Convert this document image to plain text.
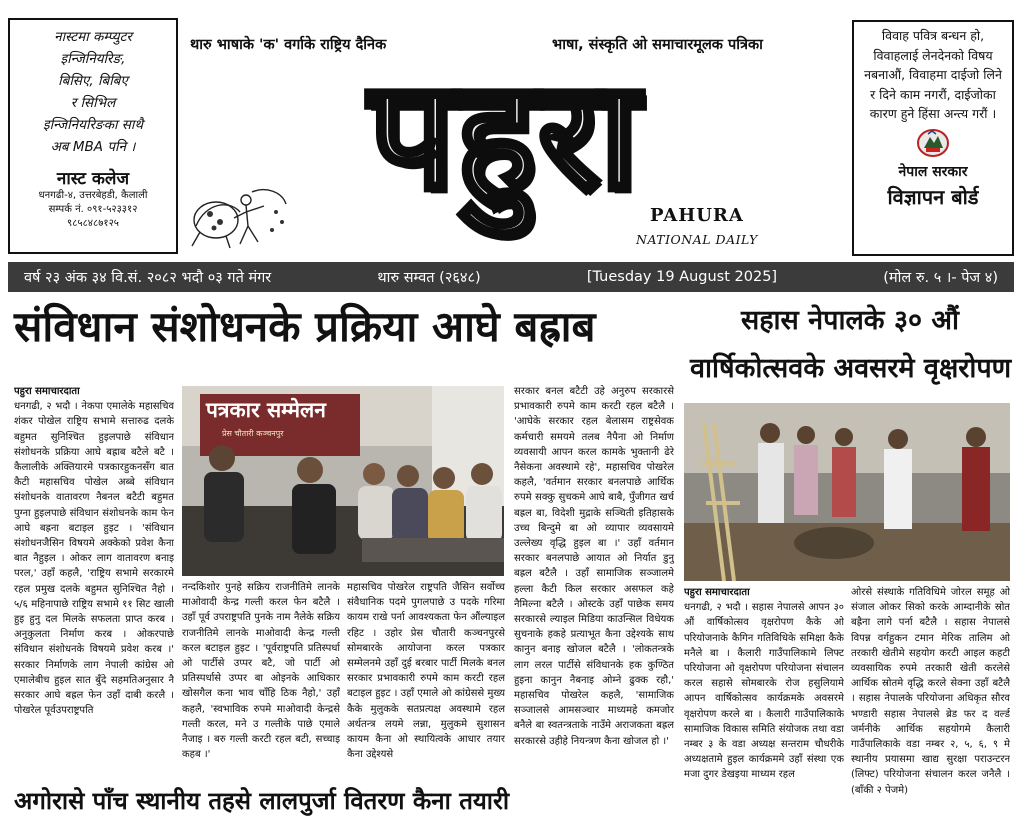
नास्टमा कम्प्युटर
इन्जिनियरिङ,
बिसिए, बिबिए
र सिभिल
इन्जिनियरिङका साथै
अब MBA पनि ।
नास्ट कलेज
धनगढी-४, उत्तरबेहडी, कैलाली
सम्पर्क नं. ०९१-५२३३१२
९८५८४८७१२५
थारु भाषाके 'क' वर्गाके राष्ट्रिय दैनिक	भाषा, संस्कृति ओ समाचारमूलक पत्रिका
पहुरा PAHURA
NATIONAL DAILY
विवाह पवित्र बन्धन हो, विवाहलाई लेनदेनको विषय नबनाऔं, विवाहमा दाईजो लिने र दिने काम नगरौं, दाईजोका कारण हुने हिंसा अन्त्य गरौं ।
नेपाल सरकार
विज्ञापन बोर्ड
वर्ष २३ अंक ३४ वि.सं. २०८२ भदौ ०३ गते मंगर	थारु सम्वत (२६४८)	[Tuesday 19 August 2025]	(मोल रु. ५ ।- पेज ४)
संविधान संशोधनके प्रक्रिया आघे बह्राब	सहास नेपालके ३० औं
वार्षिकोत्सवके अवसरमे वृक्षरोपण

पहुरा समाचारदाता

धनगढी, २ भदौ । नेकपा एमालेके महासचिव शंकर पोखेल राष्ट्रिय सभामे सत्तारुढ दलके बहुमत सुनिश्चित हुइलपाछे संविधान संशोधनके प्रक्रिया आघे बह्राब बटैले बटै । कैलालीके अक्तियारमे पत्रकारहुकनसँग बात कैटी महासचिव पोखेल अब्बे संविधान संशोधनके वातावरण नैबनल बटैटी बहुमत पुग्ना हुइलपाछे संविधान संशोधनके काम फेन आघे बह्रना बटाइल हुइट । 'संविधान संशोधनजैसिन विषयमे अक्केको प्रवेश कैना बात नैहुइल । ओकर लाग वातावरण बनाइ परल,' उहाँ कहलै, 'राष्ट्रिय सभामे सरकारमे रहल प्रमुख दलके बहुमत सुनिश्चित नैहो । ५/६ महिनापाछे राष्ट्रिय सभामे ११ सिट खाली हुइ हुनु दल मिलके सफलता प्राप्त करब । अनुकुलता निर्माण करब । ओकरपाछे संविधान संशोधनके विषयमे प्रवेश करब ।' सरकार निर्माणके लाग नेपाली कांग्रेस ओ एमालेबीच हुइल सात बुँदे सहमतिअनुसार नै सरकार आघे बह्रल फेन उहाँ दाबी करलै । पोखरेल पूर्वउपराष्ट्रपति

पत्रकार सम्मेलन
प्रेस चौतारी कञ्चनपुर

नन्दकिशोर पुनहे सक्रिय राजनीतिमे लानके माओवादी केन्द्र गल्ती करल फेन बटैलै । उहाँ पूर्व उपराष्ट्रपति पुनके नाम नैलेके सक्रिय राजनीतिमे लानके माओवादी केन्द्र गल्ती करल बटाइल हुइट । 'पूर्वराष्ट्रपति प्रतिस्पर्धा ओ पार्टीसे उप्पर बटै, जो पार्टी ओ प्रतिस्पर्धासे उप्पर बा ओइनके आधिकार खोसगैल कना भाव चाँहि ठिक नैहो,' उहाँ कहलै, 'स्वभाविक रुपमे माओवादी केन्द्रसे गल्ती करल, मने उ गल्तीके पाछे एमाले नैजाइ । बरु गल्ती करटी रहल बटी, सच्चाइ कहब ।'

महासचिव पोखरेल राष्ट्रपति जैसिन सर्वोच्च संवैधानिक पदमे पुगलपाछे उ पदके गरिमा कायम राखे पर्ना आवश्यकता फेन औंल्याइल रहिट । उहोर प्रेस चौतारी कञ्चनपुरसे सोमबारके आयोजना करल पत्रकार सम्मेलनमे उहाँ दुई बरबार पार्टी मिलके बनल सरकार प्रभावकारी रुपमे काम करटी रहल बटाइल हुइट । उहाँ एमाले ओ कांग्रेससे मुख्य कैके मुलुकके सतप्रत्यक्ष अवस्थामे रहल अर्थतन्त्र लयमे लन्ना, मुलुकमे सुशासन कायम कैना ओ स्थायित्वके आधार तयार कैना उद्देश्यसे

सरकार बनल बटैटी उहे अनुरुप सरकारसे प्रभावकारी रुपमे काम करटी रहल बटैलै । 'आघेके सरकार रहल बेलासम राष्ट्रसेवक कर्मचारी समयमे तलब नैपैना ओ निर्माण व्यवसायी आपन करल कामके भुक्तानी ढेरे नैसेकना अवस्थामे रहे', महासचिव पोखरेल कहलै, 'वर्तमान सरकार बनलपाछे आर्थिक रुपमे सक्कु सुचकमे आघे बाबै, पुँजीगत खर्च बह्रल बा, विदेशी मुद्राके सञ्चिती इतिहासके उच्च बिन्दुमे बा ओ व्यापार व्यवसायमे उल्लेख्य वृद्धि हुइल बा ।' उहाँ वर्तमान सरकार बनलपाछे आयात ओ निर्यात डुनु बह्रल बटैलै । उहाँ सामाजिक सञ्जालमे हल्ला कैटी किल सरकार असफल कहे नैमिल्ना बटैलै । ओस्टके उहाँ पाछेक समय सरकारसे ल्याइल मिडिया काउन्सिल विधेयक सुचनाके हकहे प्रत्याभूत कैना उद्देश्यके साथ कानुन बनाइ खोजल बटैलै । 'लोकतन्त्रके लाग लरल पार्टीसे संविधानके हक कुण्ठित हुइना कानुन नैबनाइ ओम्ने ढुक्क रहौ,' महासचिव पोखरेल कहलै, 'सामाजिक सञ्जालसे आमसञ्चार माध्यमहे कमजोर बनैले बा स्वतन्त्रताके नाउँमे अराजकता बह्रल सरकारसे उहीहे नियन्त्रण कैना खोजल हो ।'

पहुरा समाचारदाता

धनगढी, २ भदौ । सहास नेपालसे आपन ३० औं वार्षिकोत्सव वृक्षरोपण कैके ओ परियोजनाके कैगिन गतिविधिके समिक्षा कैके मनैले बा । कैलारी गाउँपालिकामे लिफ्ट परियोजना ओ वृक्षरोपण परियोजना संचालन करल सहासे सोमबारके रोज हसुलियामे आपन वार्षिकोत्सव कार्यक्रमके अवसरमे वृक्षरोपण करले बा । कैलारी गाउँपालिकाके सामाजिक विकास समिति संयोजक तथा वडा नम्बर ३ के वडा अध्यक्ष सन्तराम चौधरीके अध्यक्षतामे हुइल कार्यक्रममे उहाँ संस्था एक मजा दुगर डेखइया माध्यम रहल

ओरसे संस्थाके गतिविधिमे जोरल समूह ओ संजाल ओकर सिको करके आम्दानीके स्रोत बह्रैना लागे पर्ना बटैलै । सहास नेपालसे विपन्न वर्गहुकन टमान मेरिक तालिम ओ तरकारी खेतीमे सहयोग करटी आइल कहटी व्यवसायिक रुपमे तरकारी खेती करलेसे आर्थिक स्रोतमे वृद्धि करले सेक्ना उहाँ बटैलै । सहास नेपालके परियोजना अधिकृत सौरव भण्डारी सहास नेपालसे ब्रेड फर द वर्ल्ड जर्मनीके आर्थिक सहयोगमे कैलारी गाउँपालिकाके वडा नम्बर २, ५, ६, ९ मे स्थानीय प्रयासमा खाद्य सुरक्षा पराउन्टरन (लिफ्ट) परियोजना संचालन करल जनैलै । (बाँकी २ पेजमे)

अगोरासे पाँच स्थानीय तहसे लालपुर्जा वितरण कैना तयारी
